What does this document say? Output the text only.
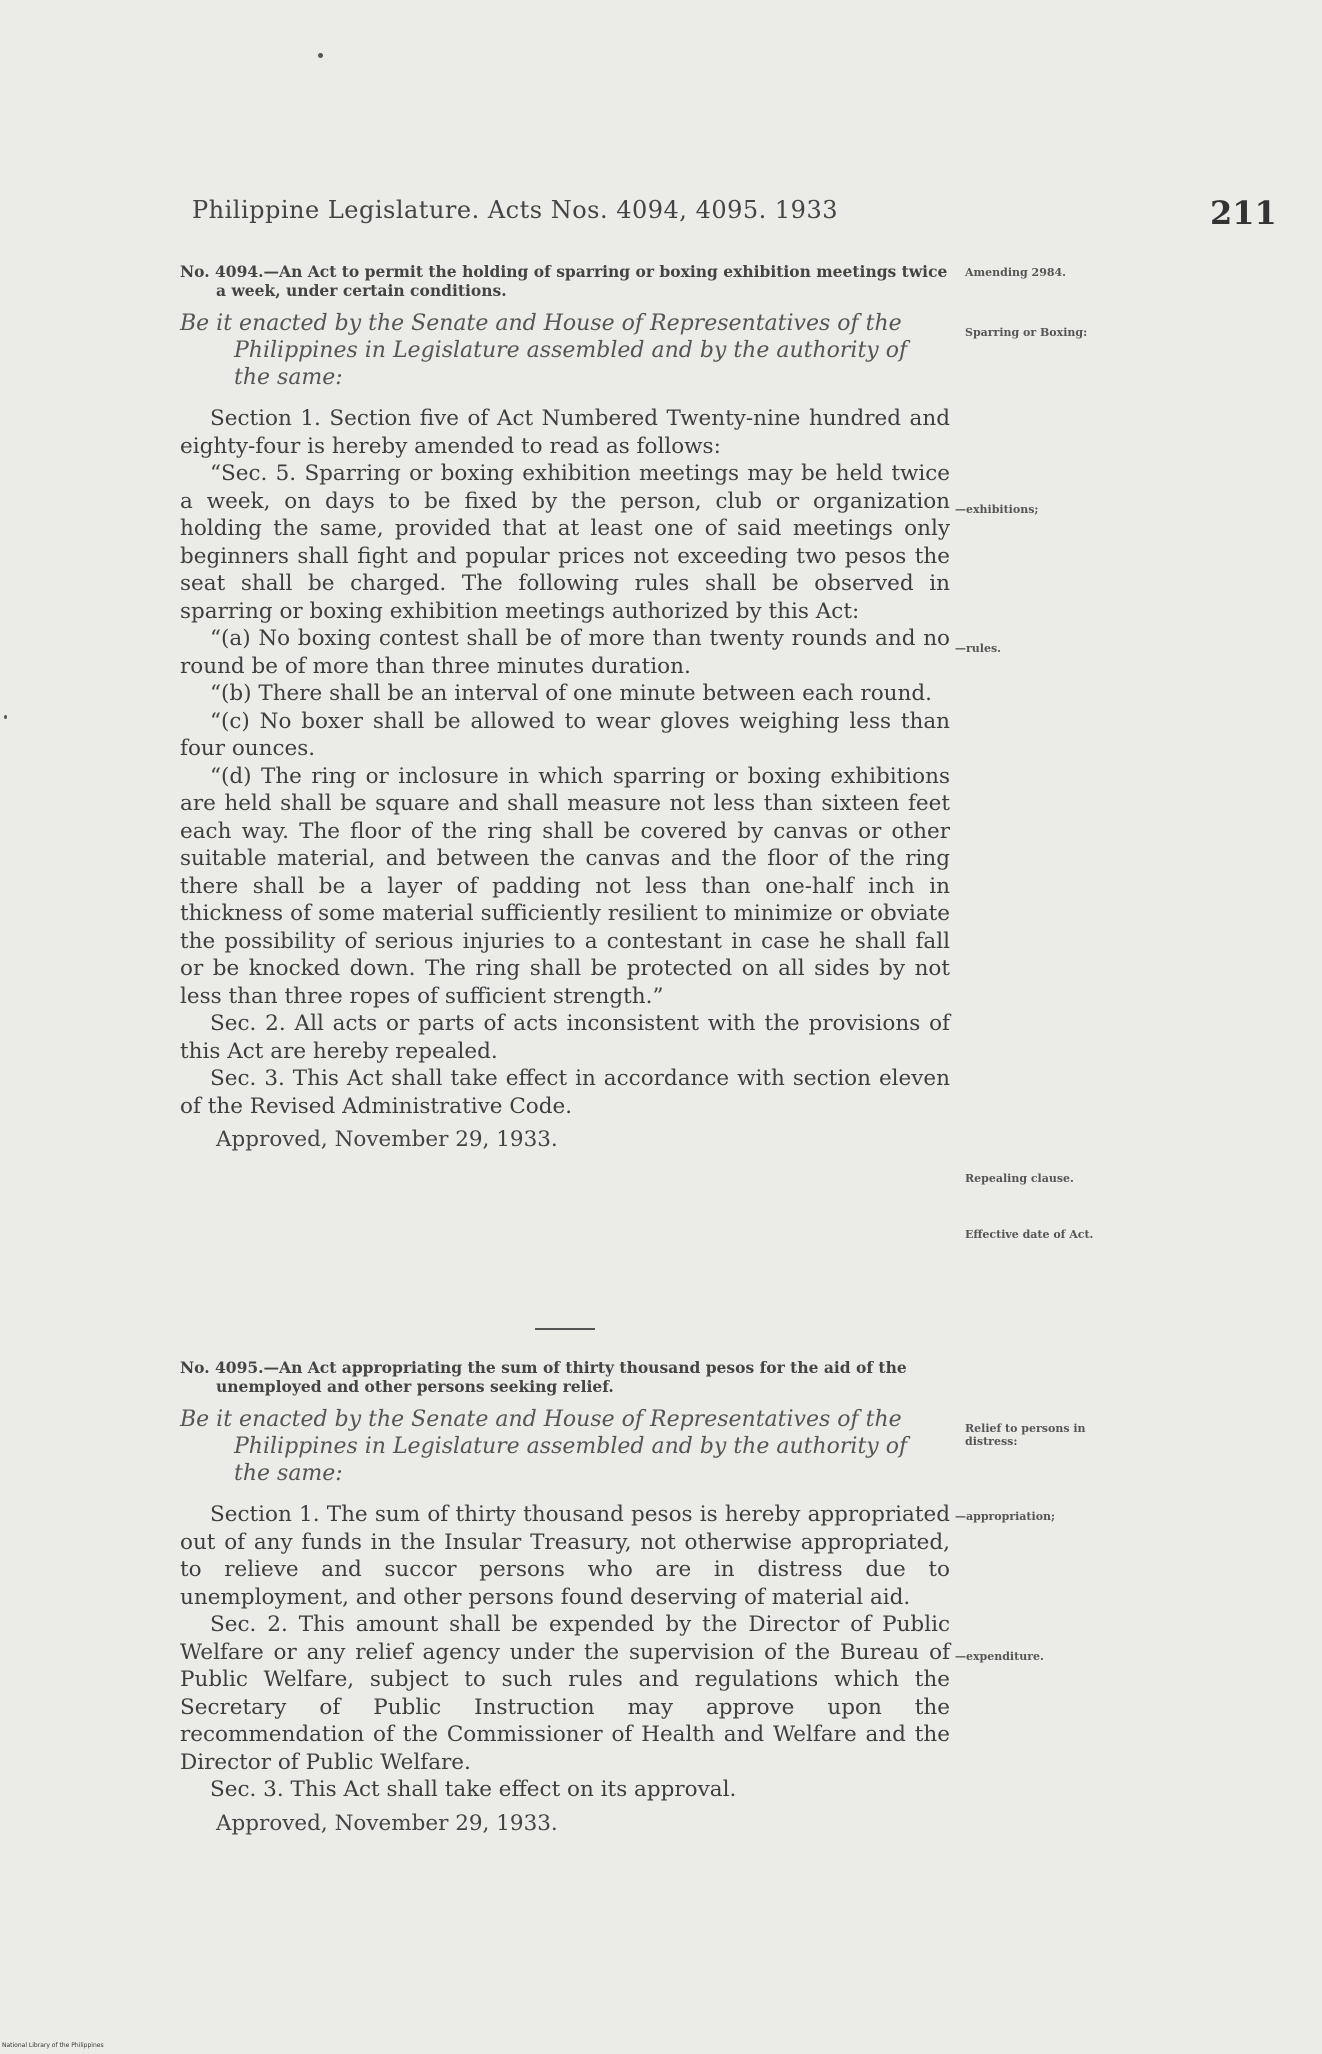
Philippine Legislature. Acts Nos. 4094, 4095. 1933	211

No. 4094.—An Act to permit the holding of sparring or boxing exhibition meetings twice a week, under certain conditions.

Be it enacted by the Senate and House of Representatives of the Philippines in Legislature assembled and by the authority of the same:

Section 1. Section five of Act Numbered Twenty-nine hundred and eighty-four is hereby amended to read as follows:

“Sec. 5. Sparring or boxing exhibition meetings may be held twice a week, on days to be fixed by the person, club or organization holding the same, provided that at least one of said meetings only beginners shall fight and popular prices not exceeding two pesos the seat shall be charged. The following rules shall be observed in sparring or boxing exhibition meetings authorized by this Act:

“(a) No boxing contest shall be of more than twenty rounds and no round be of more than three minutes duration.

“(b) There shall be an interval of one minute between each round.

“(c) No boxer shall be allowed to wear gloves weighing less than four ounces.

“(d) The ring or inclosure in which sparring or boxing exhibitions are held shall be square and shall measure not less than sixteen feet each way. The floor of the ring shall be covered by canvas or other suitable material, and between the canvas and the floor of the ring there shall be a layer of padding not less than one-half inch in thickness of some material sufficiently resilient to minimize or obviate the possibility of serious injuries to a contestant in case he shall fall or be knocked down. The ring shall be protected on all sides by not less than three ropes of sufficient strength.”

Sec. 2. All acts or parts of acts inconsistent with the provisions of this Act are hereby repealed.

Sec. 3. This Act shall take effect in accordance with section eleven of the Revised Administrative Code.

Approved, November 29, 1933.

No. 4095.—An Act appropriating the sum of thirty thousand pesos for the aid of the unemployed and other persons seeking relief.

Be it enacted by the Senate and House of Representatives of the Philippines in Legislature assembled and by the authority of the same:

Section 1. The sum of thirty thousand pesos is hereby appropriated out of any funds in the Insular Treasury, not otherwise appropriated, to relieve and succor persons who are in distress due to unemployment, and other persons found deserving of material aid.

Sec. 2. This amount shall be expended by the Director of Public Welfare or any relief agency under the supervision of the Bureau of Public Welfare, subject to such rules and regulations which the Secretary of Public Instruction may approve upon the recommendation of the Commissioner of Health and Welfare and the Director of Public Welfare.

Sec. 3. This Act shall take effect on its approval.

Approved, November 29, 1933.

Amending 2984.
Sparring or Boxing:
—exhibitions;
—rules.
Repealing clause.
Effective date of Act.
Relief to persons in distress:
—appropriation;
—expenditure.
National Library of the Philippines
